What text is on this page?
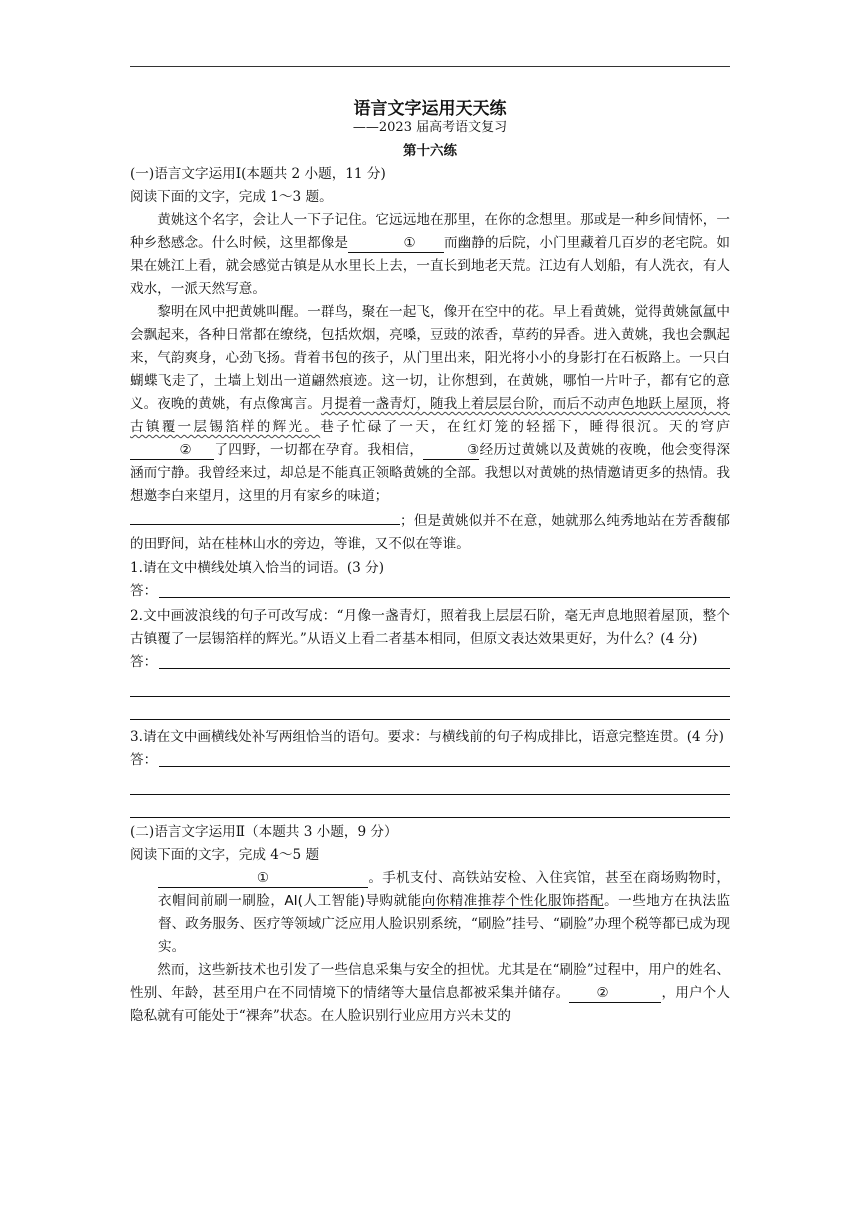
语言文字运用天天练
——2023 届高考语文复习
第十六练

(一)语言文字运用Ⅰ(本题共 2 小题，11 分)

阅读下面的文字，完成 1～3 题。

黄姚这个名字，会让人一下子记住。它远远地在那里，在你的念想里。那或是一种乡间情怀，一种乡愁感念。什么时候，这里都像是	① 而幽静的后院，小门里藏着几百岁的老宅院。如果在姚江上看，就会感觉古镇是从水里长上去，一直长到地老天荒。江边有人划船，有人洗衣，有人戏水，一派天然写意。

黎明在风中把黄姚叫醒。一群鸟，聚在一起飞，像开在空中的花。早上看黄姚，觉得黄姚氤氲中会飘起来，各种日常都在缭绕，包括炊烟，亮嗓，豆豉的浓香，草药的异香。进入黄姚，我也会飘起来，气韵爽身，心劲飞扬。背着书包的孩子，从门里出来，阳光将小小的身影打在石板路上。一只白蝴蝶飞走了，土墙上划出一道翩然痕迹。这一切，让你想到，在黄姚，哪怕一片叶子，都有它的意义。夜晚的黄姚，有点像寓言。月提着一盏青灯，随我上着层层台阶，而后不动声色地跃上屋顶，将古镇覆一层锡箔样的辉光。巷子忙碌了一天，在红灯笼的轻摇下，睡得很沉。天的穹庐② 了四野，一切都在孕育。我相信，	③经历过黄姚以及黄姚的夜晚，他会变得深涵而宁静。我曾经来过，却总是不能真正领略黄姚的全部。我想以对黄姚的热情邀请更多的热情。我想邀李白来望月，这里的月有家乡的味道；
；但是黄姚似并不在意，她就那么纯秀地站在芳香馥郁的田野间，站在桂林山水的旁边，等谁，又不似在等谁。

1.请在文中横线处填入恰当的词语。(3 分)

答：

2.文中画波浪线的句子可改写成：“月像一盏青灯，照着我上层层石阶，毫无声息地照着屋顶，整个古镇覆了一层锡箔样的辉光。”从语义上看二者基本相同，但原文表达效果更好，为什么？(4 分)

答：

3.请在文中画横线处补写两组恰当的语句。要求：与横线前的句子构成排比，语意完整连贯。(4 分)

答：

(二)语言文字运用Ⅱ（本题共 3 小题，9 分）

阅读下面的文字，完成 4～5 题

①	。手机支付、高铁站安检、入住宾馆，甚至在商场购物时，衣帽间前刷一刷脸，AI(人工智能)导购就能向你精准推荐个性化服饰搭配。一些地方在执法监督、政务服务、医疗等领域广泛应用人脸识别系统，“刷脸”挂号、“刷脸”办理个税等都已成为现实。

然而，这些新技术也引发了一些信息采集与安全的担忧。尤其是在“刷脸”过程中，用户的姓名、性别、年龄，甚至用户在不同情境下的情绪等大量信息都被采集并储存。 ②	，用户个人隐私就有可能处于“裸奔”状态。在人脸识别行业应用方兴未艾的
